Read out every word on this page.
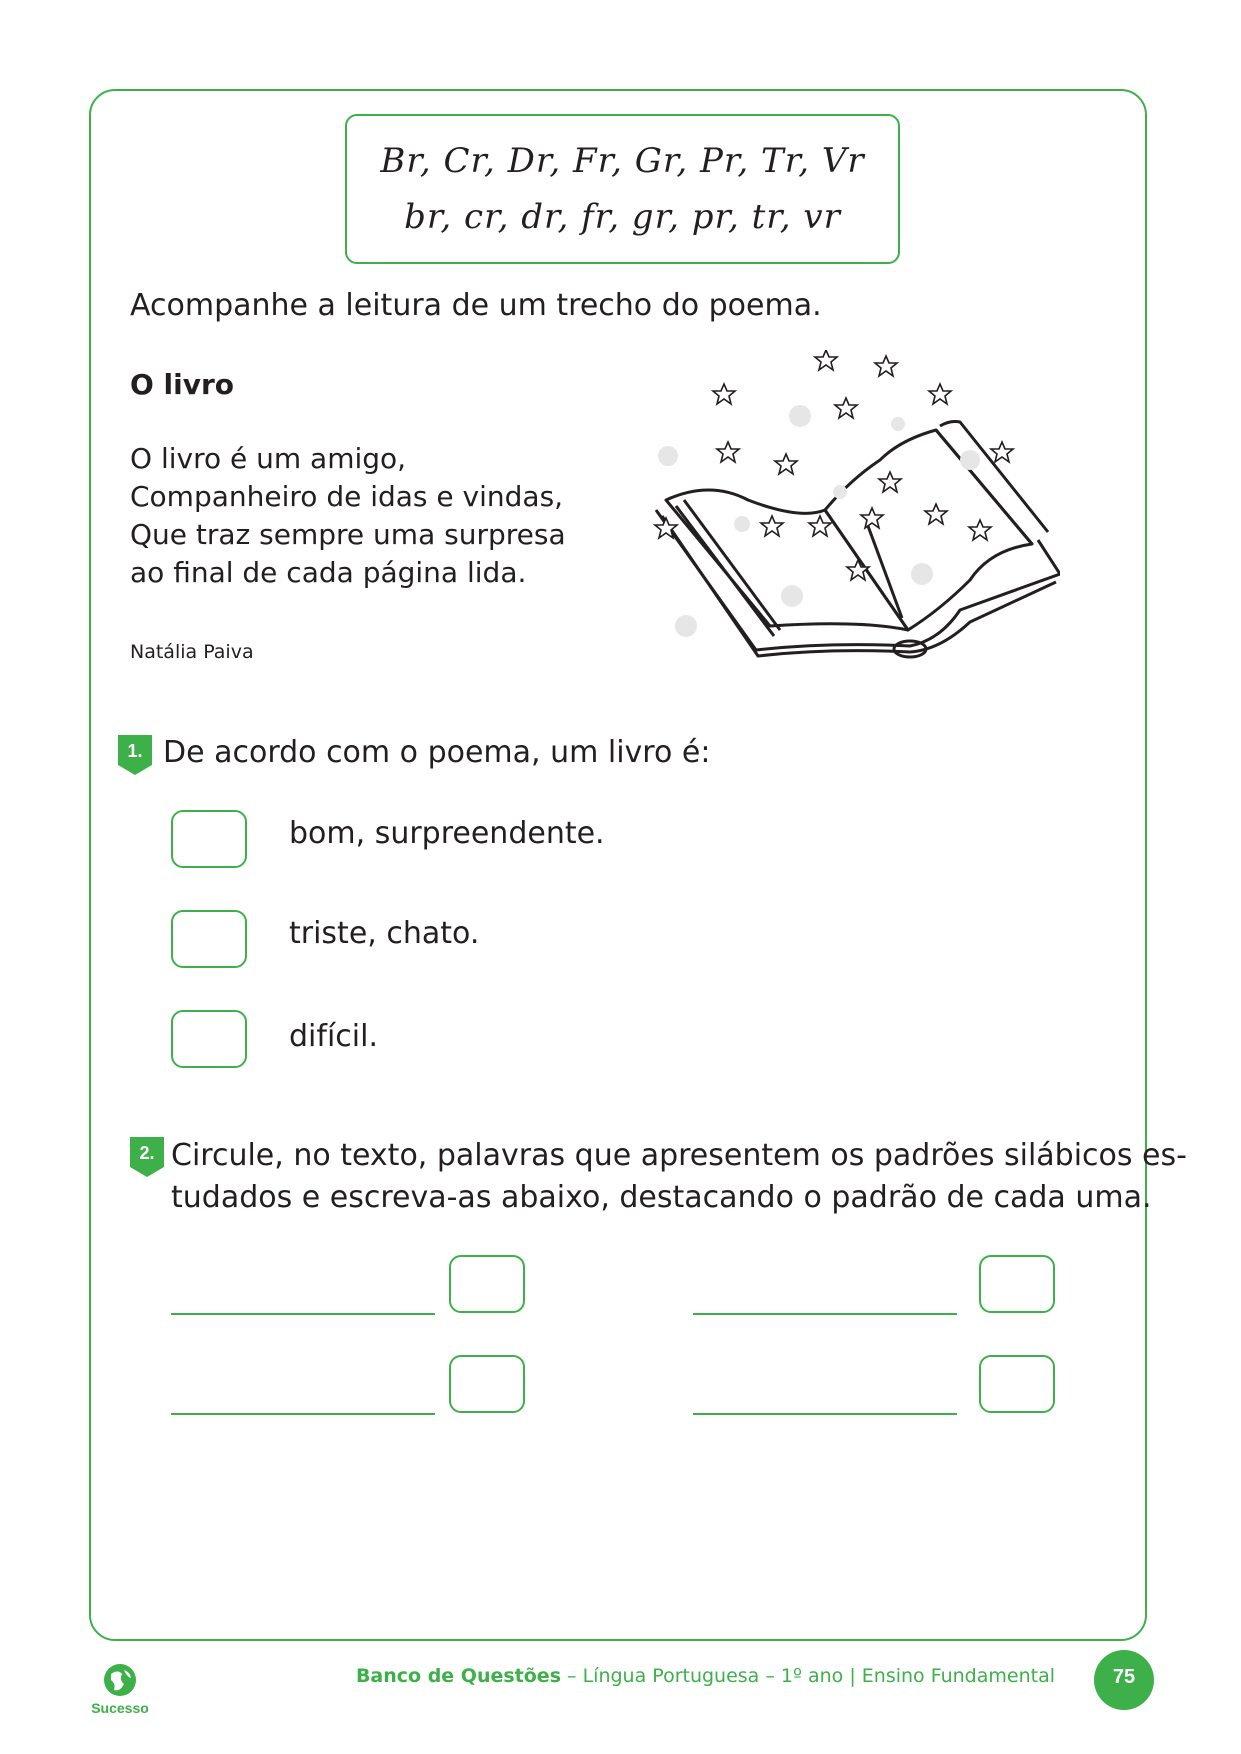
Br, Cr, Dr, Fr, Gr, Pr, Tr, Vr
br, cr, dr, fr, gr, pr, tr, vr
Acompanhe a leitura de um trecho do poema.
O livro
O livro é um amigo,
Companheiro de idas e vindas,
Que traz sempre uma surpresa
ao final de cada página lida.
Natália Paiva
1. De acordo com o poema, um livro é:
bom, surpreendente.
triste, chato.
difícil.
2. Circule, no texto, palavras que apresentem os padrões silábicos es-
tudados e escreva-as abaixo, destacando o padrão de cada uma.
Sucesso
Banco de Questões – Língua Portuguesa – 1º ano | Ensino Fundamental	75
